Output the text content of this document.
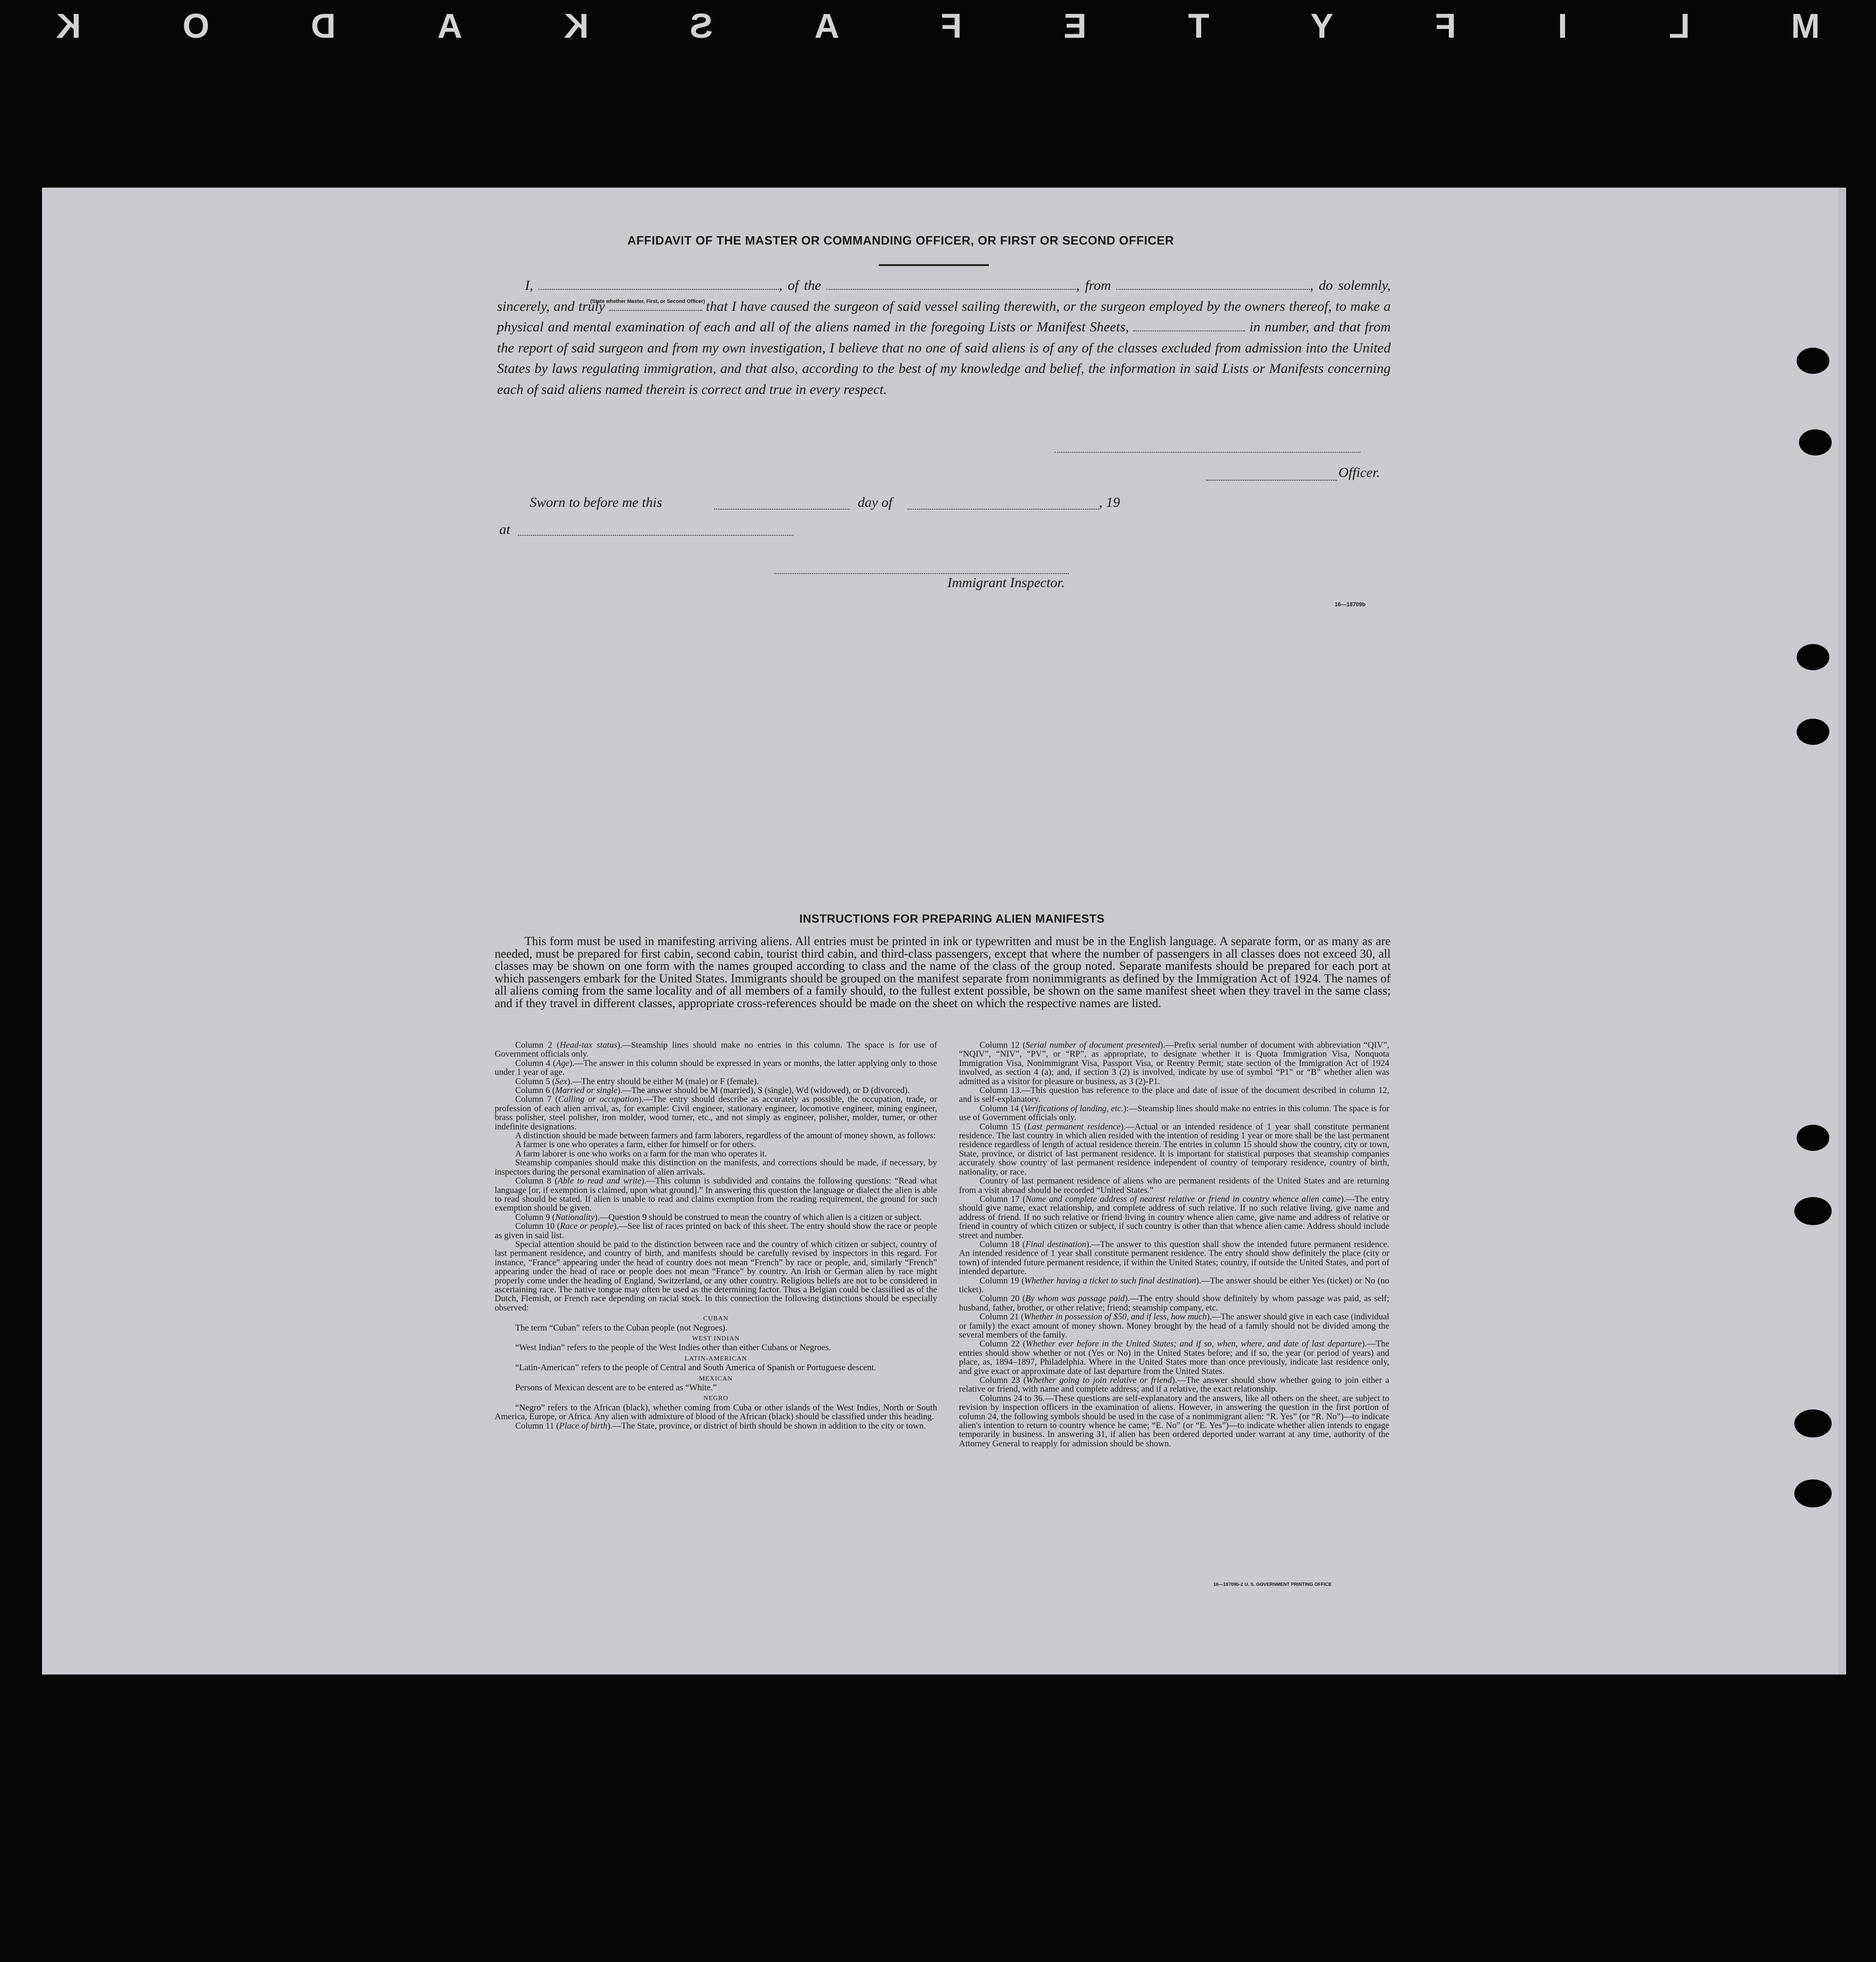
K	O	D	A	K	S	A	F	E	T	Y	F	I	L	M
AFFIDAVIT OF THE MASTER OR COMMANDING OFFICER, OR FIRST OR SECOND OFFICER

I,	, of the	, from	, do solemnly, sincerely, and truly	that I have caused the surgeon of said vessel sailing therewith, or the surgeon employed by the owners thereof, to make a physical and mental examination of each and all of the aliens named in the foregoing Lists or Manifest Sheets,	in number, and that from the report of said surgeon and from my own investigation, I believe that no one of said aliens is of any of the classes excluded from admission into the United States by laws regulating immigration, and that also, according to the best of my knowledge and belief, the information in said Lists or Manifests concerning each of said aliens named therein is correct and true in every respect.

(State whether Master, First, or Second Officer)
Officer.
Sworn to before me this	day of	, 19
at
Immigrant Inspector.
16—18709b
INSTRUCTIONS FOR PREPARING ALIEN MANIFESTS

This form must be used in manifesting arriving aliens. All entries must be printed in ink or typewritten and must be in the English language. A separate form, or as many as are needed, must be prepared for first cabin, second cabin, tourist third cabin, and third-class passengers, except that where the number of passengers in all classes does not exceed 30, all classes may be shown on one form with the names grouped according to class and the name of the class of the group noted. Separate manifests should be prepared for each port at which passengers embark for the United States. Immigrants should be grouped on the manifest separate from nonimmigrants as defined by the Immigration Act of 1924. The names of all aliens coming from the same locality and of all members of a family should, to the fullest extent possible, be shown on the same manifest sheet when they travel in the same class; and if they travel in different classes, appropriate cross-references should be made on the sheet on which the respective names are listed.

Column 2 (Head-tax status).—Steamship lines should make no entries in this column. The space is for use of Government officials only.

Column 4 (Age).—The answer in this column should be expressed in years or months, the latter applying only to those under 1 year of age.

Column 5 (Sex).—The entry should be either M (male) or F (female).

Column 6 (Married or single).—The answer should be M (married), S (single), Wd (widowed), or D (divorced).

Column 7 (Calling or occupation).—The entry should describe as accurately as possible, the occupation, trade, or profession of each alien arrival, as, for example: Civil engineer, stationary engineer, locomotive engineer, mining engineer, brass polisher, steel polisher, iron molder, wood turner, etc., and not simply as engineer, polisher, molder, turner, or other indefinite designations.

A distinction should be made between farmers and farm laborers, regardless of the amount of money shown, as follows:

A farmer is one who operates a farm, either for himself or for others.

A farm laborer is one who works on a farm for the man who operates it.

Steamship companies should make this distinction on the manifests, and corrections should be made, if necessary, by inspectors during the personal examination of alien arrivals.

Column 8 (Able to read and write).—This column is subdivided and contains the following questions: “Read what language [or, if exemption is claimed, upon what ground].” In answering this question the language or dialect the alien is able to read should be stated. If alien is unable to read and claims exemption from the reading requirement, the ground for such exemption should be given.

Column 9 (Nationality).—Question 9 should be construed to mean the country of which alien is a citizen or subject.

Column 10 (Race or people).—See list of races printed on back of this sheet. The entry should show the race or people as given in said list.

Special attention should be paid to the distinction between race and the country of which citizen or subject, country of last permanent residence, and country of birth, and manifests should be carefully revised by inspectors in this regard. For instance, “France” appearing under the head of country does not mean “French” by race or people, and, similarly “French” appearing under the head of race or people does not mean “France” by country. An Irish or German alien by race might properly come under the heading of England, Switzerland, or any other country. Religious beliefs are not to be considered in ascertaining race. The native tongue may often be used as the determining factor. Thus a Belgian could be classified as of the Dutch, Flemish, or French race depending on racial stock. In this connection the following distinctions should be especially observed:

CUBAN

The term “Cuban” refers to the Cuban people (not Negroes).

WEST INDIAN

“West Indian” refers to the people of the West Indies other than either Cubans or Negroes.

LATIN-AMERICAN

“Latin-American” refers to the people of Central and South America of Spanish or Portuguese descent.

MEXICAN

Persons of Mexican descent are to be entered as “White.”

NEGRO

“Negro” refers to the African (black), whether coming from Cuba or other islands of the West Indies, North or South America, Europe, or Africa. Any alien with admixture of blood of the African (black) should be classified under this heading.

Column 11 (Place of birth).—The State, province, or district of birth should be shown in addition to the city or town.

Column 12 (Serial number of document presented).—Prefix serial number of document with abbreviation “QIV”, “NQIV”, “NIV”, “PV”, or “RP”, as appropriate, to designate whether it is Quota Immigration Visa, Nonquota Immigration Visa, Nonimmigrant Visa, Passport Visa, or Reentry Permit; state section of the Immigration Act of 1924 involved, as section 4 (a); and, if section 3 (2) is involved, indicate by use of symbol “P1” or “B” whether alien was admitted as a visitor for pleasure or business, as 3 (2)-P1.

Column 13.—This question has reference to the place and date of issue of the document described in column 12, and is self-explanatory.

Column 14 (Verifications of landing, etc.):—Steamship lines should make no entries in this column. The space is for use of Government officials only.

Column 15 (Last permanent residence).—Actual or an intended residence of 1 year shall constitute permanent residence. The last country in which alien resided with the intention of residing 1 year or more shall be the last permanent residence regardless of length of actual residence therein. The entries in column 15 should show the country, city or town, State, province, or district of last permanent residence. It is important for statistical purposes that steamship companies accurately show country of last permanent residence independent of country of temporary residence, country of birth, nationality, or race.

Country of last permanent residence of aliens who are permanent residents of the United States and are returning from a visit abroad should be recorded “United States.”

Column 17 (Name and complete address of nearest relative or friend in country whence alien came).—The entry should give name, exact relationship, and complete address of such relative. If no such relative living, give name and address of friend. If no such relative or friend living in country whence alien came, give name and address of relative or friend in country of which citizen or subject, if such country is other than that whence alien came. Address should include street and number.

Column 18 (Final destination).—The answer to this question shall show the intended future permanent residence. An intended residence of 1 year shall constitute permanent residence. The entry should show definitely the place (city or town) of intended future permanent residence, if within the United States; country, if outside the United States, and port of intended departure.

Column 19 (Whether having a ticket to such final destination).—The answer should be either Yes (ticket) or No (no ticket).

Column 20 (By whom was passage paid).—The entry should show definitely by whom passage was paid, as self; husband, father, brother, or other relative; friend; steamship company, etc.

Column 21 (Whether in possession of $50, and if less, how much).—The answer should give in each case (individual or family) the exact amount of money shown. Money brought by the head of a family should not be divided among the several members of the family.

Column 22 (Whether ever before in the United States; and if so, when, where, and date of last departure).—The entries should show whether or not (Yes or No) in the United States before; and if so, the year (or period of years) and place, as, 1894–1897, Philadelphia. Where in the United States more than once previously, indicate last residence only, and give exact or approximate date of last departure from the United States.

Column 23 (Whether going to join relative or friend).—The answer should show whether going to join either a relative or friend, with name and complete address; and if a relative, the exact relationship.

Columns 24 to 36.—These questions are self-explanatory and the answers, like all others on the sheet, are subject to revision by inspection officers in the examination of aliens. However, in answering the question in the first portion of column 24, the following symbols should be used in the case of a nonimmigrant alien: “R. Yes” (or “R. No”)—to indicate alien's intention to return to country whence he came; “E. No” (or “E. Yes”)—to indicate whether alien intends to engage temporarily in business. In answering 31, if alien has been ordered deported under warrant at any time, authority of the Attorney General to reapply for admission should be shown.

16—18709b-2 U. S. GOVERNMENT PRINTING OFFICE
